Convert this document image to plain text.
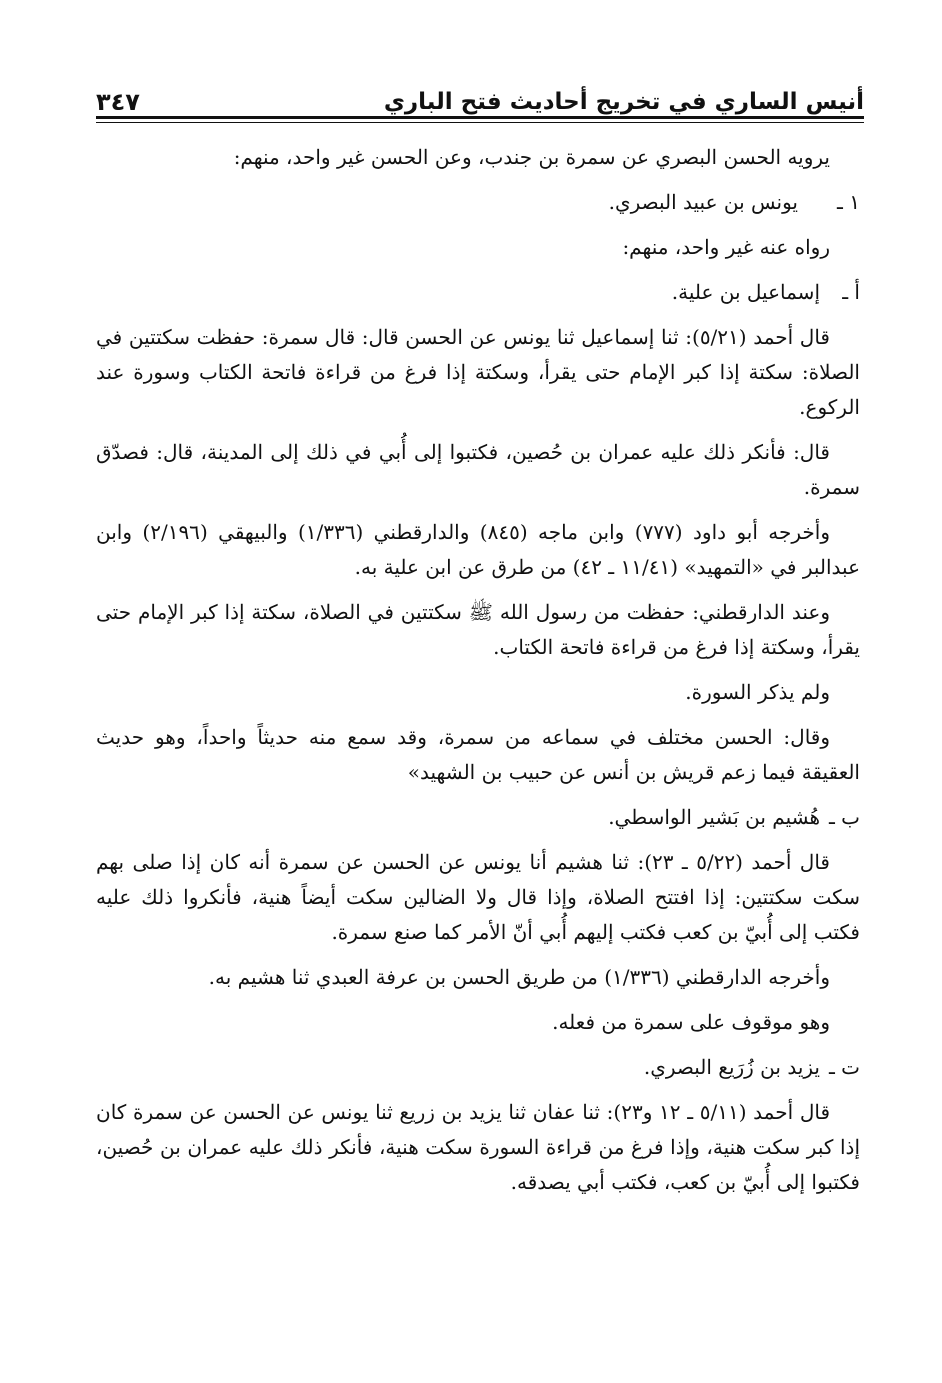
أنيس الساري في تخريج أحاديث فتح الباري
٣٤٧

يرويه الحسن البصري عن سمرة بن جندب، وعن الحسن غير واحد، منهم:

١ ـ
يونس بن عبيد البصري.

رواه عنه غير واحد، منهم:

أ ـ
إسماعيل بن علية.

قال أحمد (٥/٢١): ثنا إسماعيل ثنا يونس عن الحسن قال: قال سمرة: حفظت سكتتين في الصلاة: سكتة إذا كبر الإمام حتى يقرأ، وسكتة إذا فرغ من قراءة فاتحة الكتاب وسورة عند الركوع.

قال: فأنكر ذلك عليه عمران بن حُصين، فكتبوا إلى أُبي في ذلك إلى المدينة، قال: فصدّق سمرة.

وأخرجه أبو داود (٧٧٧) وابن ماجه (٨٤٥) والدارقطني (١/٣٣٦) والبيهقي (٢/١٩٦) وابن عبدالبر في «التمهيد» (١١/٤١ ـ ٤٢) من طرق عن ابن علية به.

وعند الدارقطني: حفظت من رسول الله ﷺ سكتتين في الصلاة، سكتة إذا كبر الإمام حتى يقرأ، وسكتة إذا فرغ من قراءة فاتحة الكتاب.

ولم يذكر السورة.

وقال: الحسن مختلف في سماعه من سمرة، وقد سمع منه حديثاً واحداً، وهو حديث العقيقة فيما زعم قريش بن أنس عن حبيب بن الشهيد»

ب ـ
هُشيم بن بَشير الواسطي.

قال أحمد (٥/٢٢ ـ ٢٣): ثنا هشيم أنا يونس عن الحسن عن سمرة أنه كان إذا صلى بهم سكت سكتتين: إذا افتتح الصلاة، وإذا قال ولا الضالين سكت أيضاً هنية، فأنكروا ذلك عليه فكتب إلى أُبيّ بن كعب فكتب إليهم أُبي أنّ الأمر كما صنع سمرة.

وأخرجه الدارقطني (١/٣٣٦) من طريق الحسن بن عرفة العبدي ثنا هشيم به.

وهو موقوف على سمرة من فعله.

ت ـ
يزيد بن زُرَيع البصري.

قال أحمد (٥/١١ ـ ١٢ و٢٣): ثنا عفان ثنا يزيد بن زريع ثنا يونس عن الحسن عن سمرة كان إذا كبر سكت هنية، وإذا فرغ من قراءة السورة سكت هنية، فأنكر ذلك عليه عمران بن حُصين، فكتبوا إلى أُبيّ بن كعب، فكتب أبي يصدقه.
